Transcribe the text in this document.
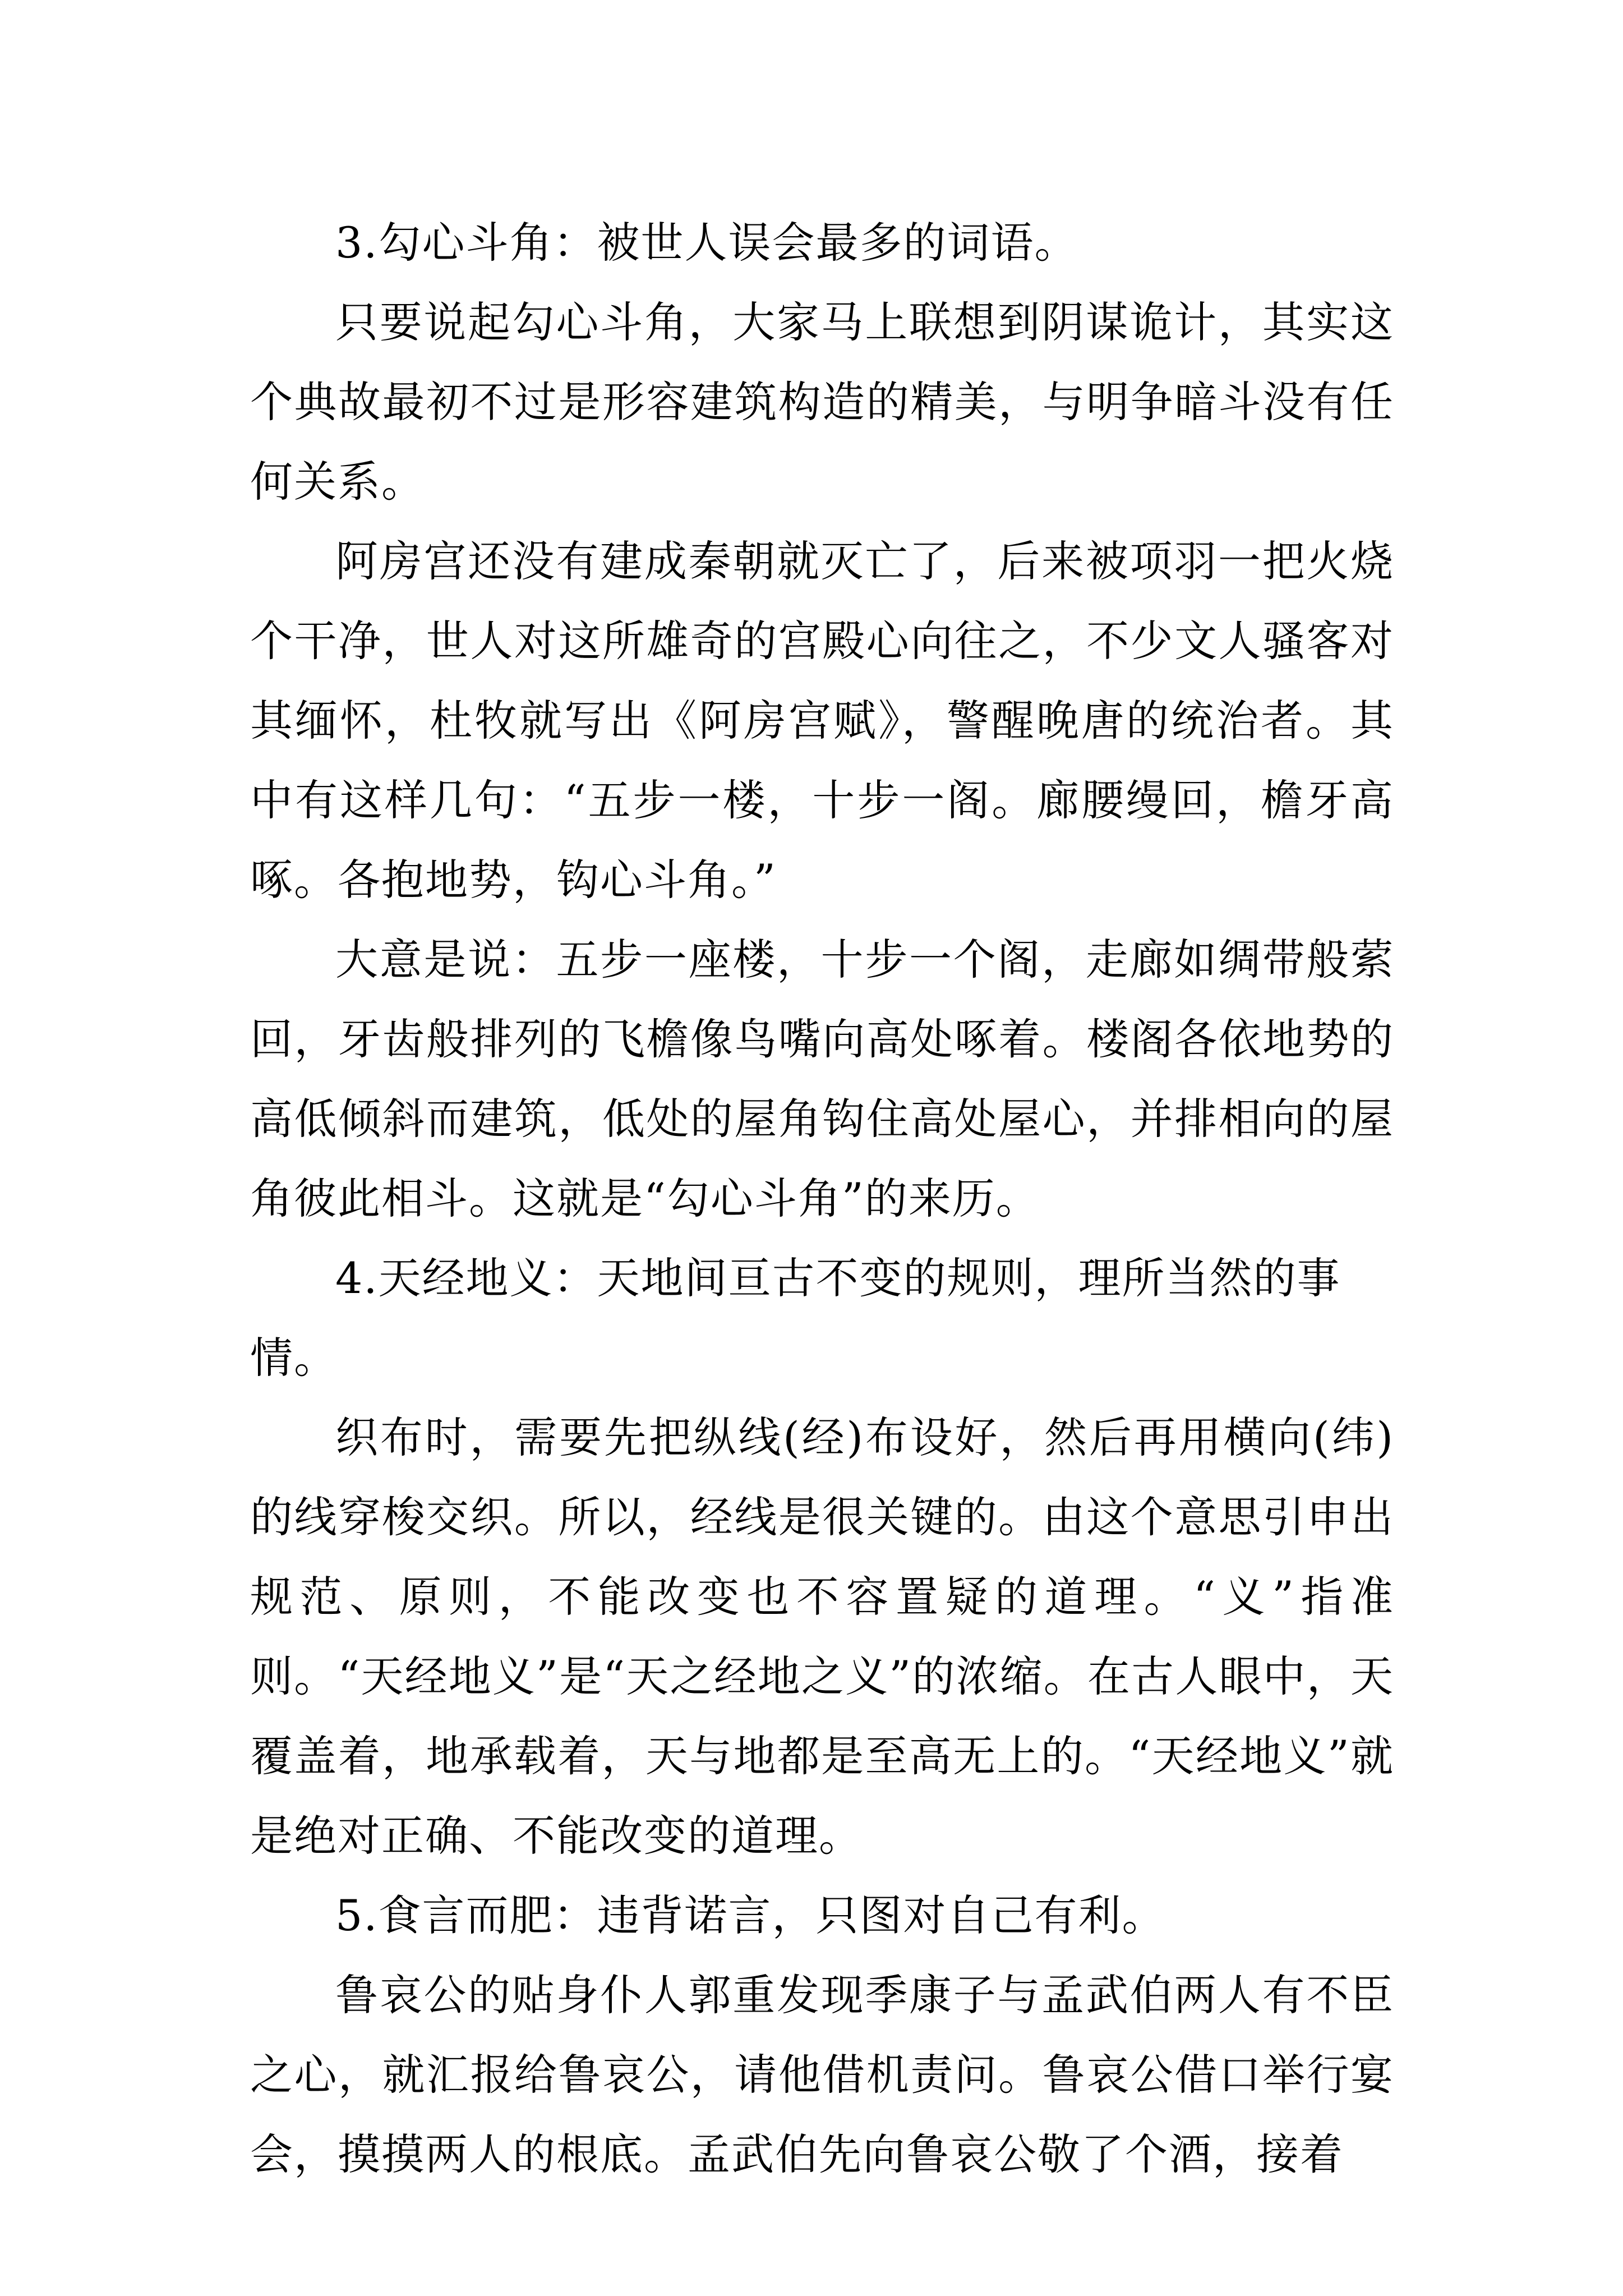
3.勾心斗角：被世人误会最多的词语。

只要说起勾心斗角，大家马上联想到阴谋诡计，其实这个典故最初不过是形容建筑构造的精美，与明争暗斗没有任何关系。

阿房宫还没有建成秦朝就灭亡了，后来被项羽一把火烧个干净，世人对这所雄奇的宫殿心向往之，不少文人骚客对其缅怀，杜牧就写出《阿房宫赋》，警醒晚唐的统治者。其中有这样几句：“五步一楼，十步一阁。廊腰缦回，檐牙高啄。各抱地势，钩心斗角。”

大意是说：五步一座楼，十步一个阁，走廊如绸带般萦回，牙齿般排列的飞檐像鸟嘴向高处啄着。楼阁各依地势的高低倾斜而建筑，低处的屋角钩住高处屋心，并排相向的屋角彼此相斗。这就是“勾心斗角”的来历。

4.天经地义：天地间亘古不变的规则，理所当然的事情。

织布时，需要先把纵线(经)布设好，然后再用横向(纬)的线穿梭交织。所以，经线是很关键的。由这个意思引申出规范、原则，不能改变也不容置疑的道理。“义”指准则。“天经地义”是“天之经地之义”的浓缩。在古人眼中，天覆盖着，地承载着，天与地都是至高无上的。“天经地义”就是绝对正确、不能改变的道理。

5.食言而肥：违背诺言，只图对自己有利。

鲁哀公的贴身仆人郭重发现季康子与孟武伯两人有不臣之心，就汇报给鲁哀公，请他借机责问。鲁哀公借口举行宴会，摸摸两人的根底。孟武伯先向鲁哀公敬了个酒，接着
